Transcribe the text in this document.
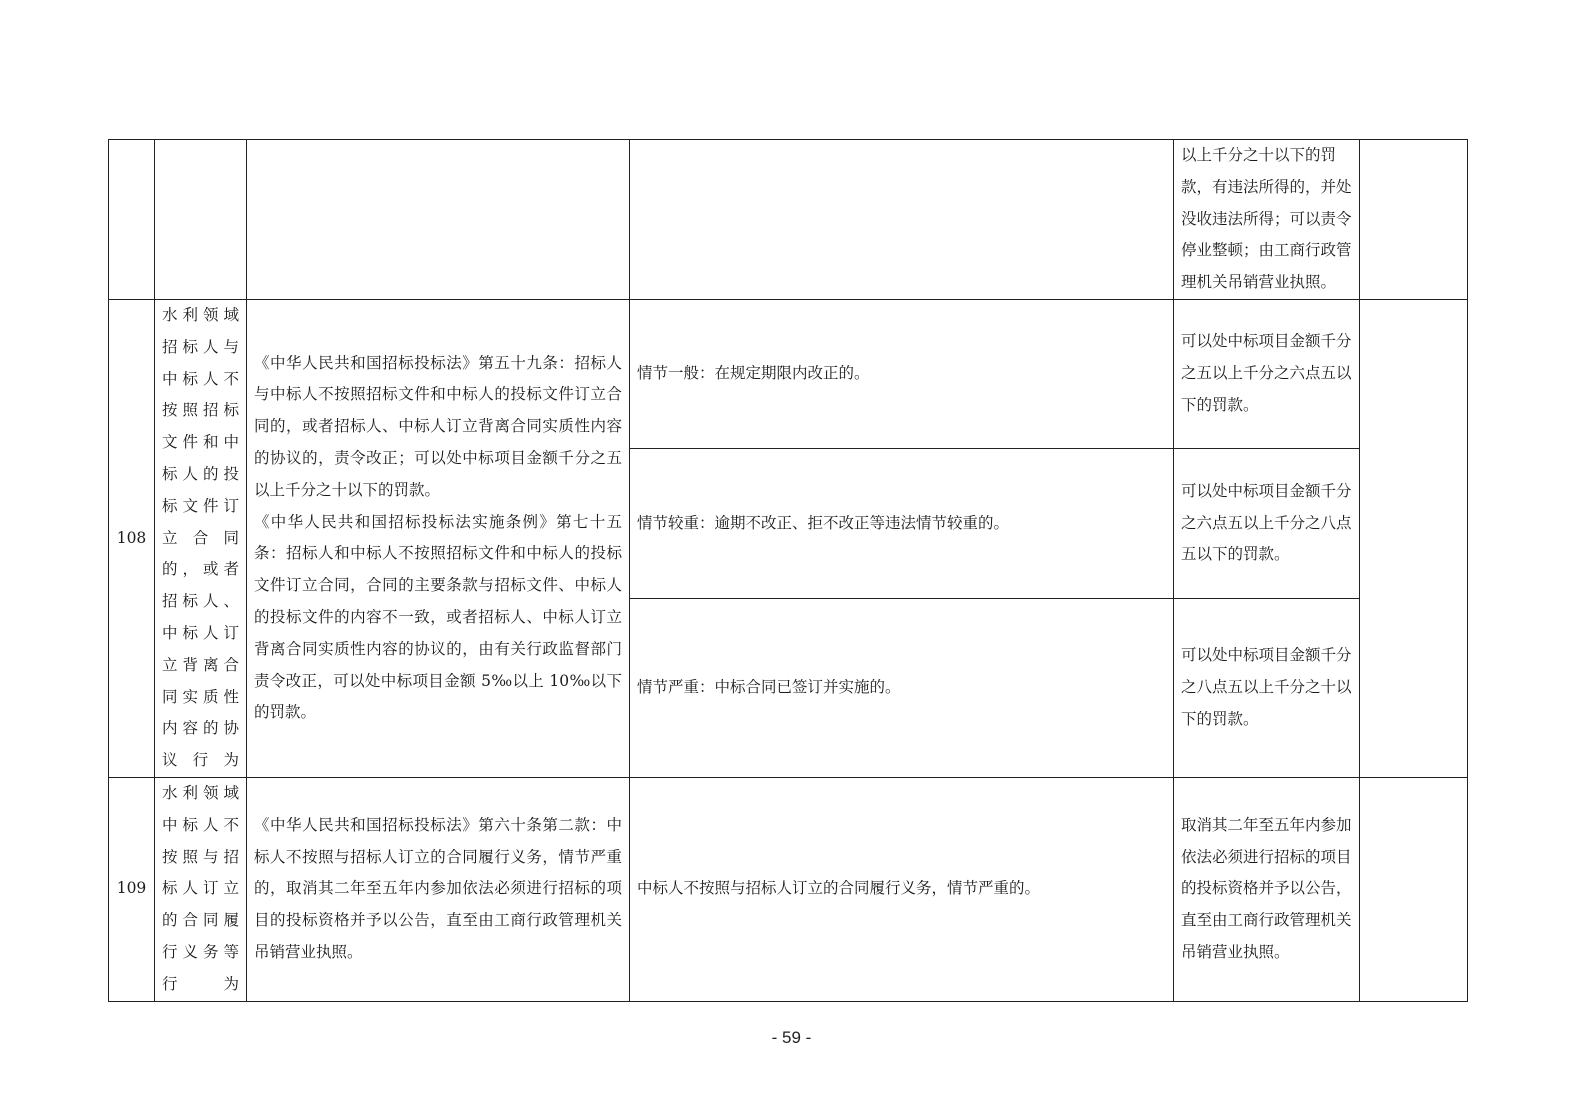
				以上千分之十以下的罚款，有违法所得的，并处没收违法所得；可以责令停业整顿；由工商行政管理机关吊销营业执照。	
108	水利领域招标人与中标人不按照招标文件和中标人的投标文件订立合同的，或者招标人、中标人订立背离合同实质性内容的协议行为	《中华人民共和国招标投标法》第五十九条：招标人与中标人不按照招标文件和中标人的投标文件订立合同的，或者招标人、中标人订立背离合同实质性内容的协议的，责令改正；可以处中标项目金额千分之五以上千分之十以下的罚款。
《中华人民共和国招标投标法实施条例》第七十五条：招标人和中标人不按照招标文件和中标人的投标文件订立合同，合同的主要条款与招标文件、中标人的投标文件的内容不一致，或者招标人、中标人订立背离合同实质性内容的协议的，由有关行政监督部门责令改正，可以处中标项目金额 5‰以上 10‰以下的罚款。	情节一般：在规定期限内改正的。	可以处中标项目金额千分之五以上千分之六点五以下的罚款。	
			情节较重：逾期不改正、拒不改正等违法情节较重的。	可以处中标项目金额千分之六点五以上千分之八点五以下的罚款。	
			情节严重：中标合同已签订并实施的。	可以处中标项目金额千分之八点五以上千分之十以下的罚款。	
109	水利领域中标人不按照与招标人订立的合同履行义务等行为	《中华人民共和国招标投标法》第六十条第二款：中标人不按照与招标人订立的合同履行义务，情节严重的，取消其二年至五年内参加依法必须进行招标的项目的投标资格并予以公告，直至由工商行政管理机关吊销营业执照。	中标人不按照与招标人订立的合同履行义务，情节严重的。	取消其二年至五年内参加依法必须进行招标的项目的投标资格并予以公告，直至由工商行政管理机关吊销营业执照。	
- 59 -
